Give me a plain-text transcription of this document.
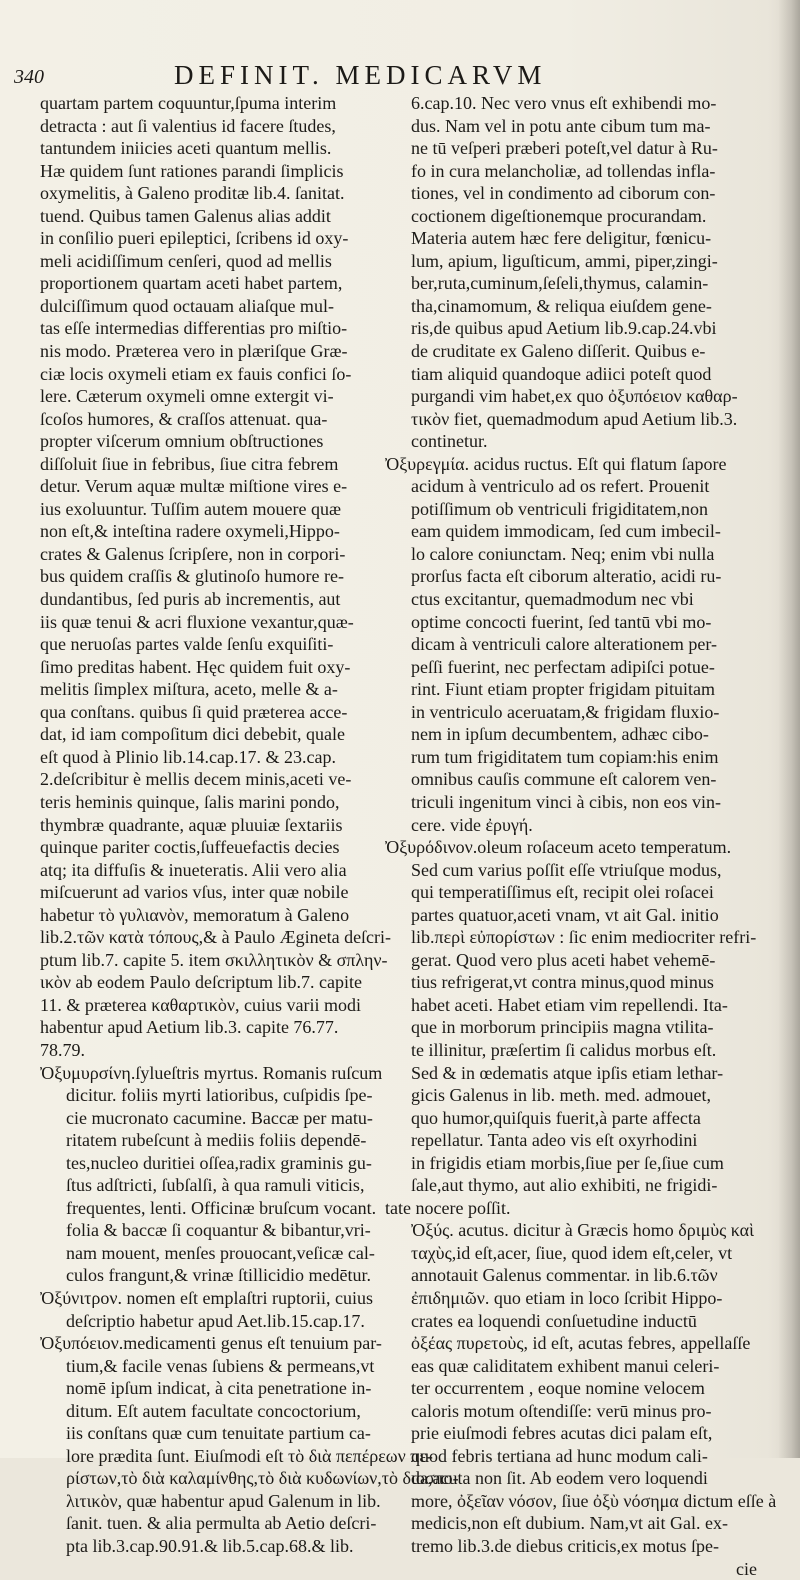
340	DEFINIT. MEDICARVM
quartam partem coquuntur,ſpuma interim
detracta : aut ſi valentius id facere ſtudes,
tantundem iniicies aceti quantum mellis.
Hæ quidem ſunt rationes parandi ſimplicis
oxymelitis, à Galeno proditæ lib.4. ſanitat.
tuend. Quibus tamen Galenus alias addit
in conſilio pueri epileptici, ſcribens id oxy-
meli acidiſſimum cenſeri, quod ad mellis
proportionem quartam aceti habet partem,
dulciſſimum quod octauam aliaſque mul-
tas eſſe intermedias differentias pro miſtio-
nis modo. Præterea vero in plæriſque Græ-
ciæ locis oxymeli etiam ex fauis confici ſo-
lere. Cæterum oxymeli omne extergit vi-
ſcoſos humores, & craſſos attenuat. qua-
propter viſcerum omnium obſtructiones
diſſoluit ſiue in febribus, ſiue citra febrem
detur. Verum aquæ multæ miſtione vires e-
ius exoluuntur. Tuſſim autem mouere quæ
non eſt,& inteſtina radere oxymeli,Hippo-
crates & Galenus ſcripſere, non in corpori-
bus quidem craſſis & glutinoſo humore re-
dundantibus, ſed puris ab incrementis, aut
iis quæ tenui & acri fluxione vexantur,quæ-
que neruoſas partes valde ſenſu exquiſiti-
ſimo preditas habent. Hęc quidem fuit oxy-
melitis ſimplex miſtura, aceto, melle & a-
qua conſtans. quibus ſi quid præterea acce-
dat, id iam compoſitum dici debebit, quale
eſt quod à Plinio lib.14.cap.17. & 23.cap.
2.deſcribitur è mellis decem minis,aceti ve-
teris heminis quinque, ſalis marini pondo,
thymbræ quadrante, aquæ pluuiæ ſextariis
quinque pariter coctis,ſuffeuefactis decies
atq; ita diffuſis & inueteratis. Alii vero alia
miſcuerunt ad varios vſus, inter quæ nobile
habetur τὸ γυλιανὸν, memoratum à Galeno
lib.2.τῶν κατὰ τόπους,& à Paulo Ægineta deſcri-
ptum lib.7. capite 5. item σκιλλητικὸν & σπλην-
ικὸν ab eodem Paulo deſcriptum lib.7. capite
11. & præterea καθαρτικὸν, cuius varii modi
habentur apud Aetium lib.3. capite 76.77.
78.79.
Ὀξυμυρσίνη.ſylueſtris myrtus. Romanis ruſcum
dicitur. foliis myrti latioribus, cuſpidis ſpe-
cie mucronato cacumine. Baccæ per matu-
ritatem rubeſcunt à mediis foliis dependē-
tes,nucleo duritiei oſſea,radix graminis gu-
ſtus adſtricti, ſubſalſi, à qua ramuli viticis,
frequentes, lenti. Officinæ bruſcum vocant.
folia & baccæ ſi coquantur & bibantur,vri-
nam mouent, menſes prouocant,veſicæ cal-
culos frangunt,& vrinæ ſtillicidio medētur.
Ὀξύνιτρον. nomen eſt emplaſtri ruptorii, cuius
deſcriptio habetur apud Aet.lib.15.cap.17.
Ὀξυπόειον.medicamenti genus eſt tenuium par-
tium,& facile venas ſubiens & permeans,vt
nomē ipſum indicat, à cita penetratione in-
ditum. Eſt autem facultate concoctorium,
iis conſtans quæ cum tenuitate partium ca-
lore prædita ſunt. Eiuſmodi eſt τὸ διὰ πεπέρεων πε-
ρίστων,τὸ διὰ καλαμίνθης,τὸ διὰ κυδωνίων,τὸ διοσπο-
λιτικὸν, quæ habentur apud Galenum in lib.
ſanit. tuen. & alia permulta ab Aetio deſcri-
pta lib.3.cap.90.91.& lib.5.cap.68.& lib.
6.cap.10. Nec vero vnus eſt exhibendi mo-
dus. Nam vel in potu ante cibum tum ma-
ne tū veſperi præberi poteſt,vel datur à Ru-
fo in cura melancholiæ, ad tollendas infla-
tiones, vel in condimento ad ciborum con-
coctionem digeſtionemque procurandam.
Materia autem hæc fere deligitur, fœnicu-
lum, apium, liguſticum, ammi, piper,zingi-
ber,ruta,cuminum,ſeſeli,thymus, calamin-
tha,cinamomum, & reliqua eiuſdem gene-
ris,de quibus apud Aetium lib.9.cap.24.vbi
de cruditate ex Galeno diſſerit. Quibus e-
tiam aliquid quandoque adiici poteſt quod
purgandi vim habet,ex quo ὀξυπόειον καθαρ-
τικὸν fiet, quemadmodum apud Aetium lib.3.
continetur.
Ὀξυρεγμία. acidus ructus. Eſt qui flatum ſapore
acidum à ventriculo ad os refert. Prouenit
potiſſimum ob ventriculi frigiditatem,non
eam quidem immodicam, ſed cum imbecil-
lo calore coniunctam. Neq; enim vbi nulla
prorſus facta eſt ciborum alteratio, acidi ru-
ctus excitantur, quemadmodum nec vbi
optime concocti fuerint, ſed tantū vbi mo-
dicam à ventriculi calore alterationem per-
peſſi fuerint, nec perfectam adipiſci potue-
rint. Fiunt etiam propter frigidam pituitam
in ventriculo aceruatam,& frigidam fluxio-
nem in ipſum decumbentem, adhæc cibo-
rum tum frigiditatem tum copiam:his enim
omnibus cauſis commune eſt calorem ven-
triculi ingenitum vinci à cibis, non eos vin-
cere. vide ἐρυγή.
Ὀξυρόδινον.oleum roſaceum aceto temperatum.
Sed cum varius poſſit eſſe vtriuſque modus,
qui temperatiſſimus eſt, recipit olei roſacei
partes quatuor,aceti vnam, vt ait Gal. initio
lib.περὶ εὐπορίστων : ſic enim mediocriter refri-
gerat. Quod vero plus aceti habet vehemē-
tius refrigerat,vt contra minus,quod minus
habet aceti. Habet etiam vim repellendi. Ita-
que in morborum principiis magna vtilita-
te illinitur, præſertim ſi calidus morbus eſt.
Sed & in œdematis atque ipſis etiam lethar-
gicis Galenus in lib. meth. med. admouet,
quo humor,quiſquis fuerit,à parte affecta
repellatur. Tanta adeo vis eſt oxyrhodini
in frigidis etiam morbis,ſiue per ſe,ſiue cum
ſale,aut thymo, aut alio exhibiti, ne frigidi-
tate nocere poſſit.
Ὀξύς. acutus. dicitur à Græcis homo δριμὺς καὶ
ταχὺς,id eſt,acer, ſiue, quod idem eſt,celer, vt
annotauit Galenus commentar. in lib.6.τῶν
ἐπιδημιῶν. quo etiam in loco ſcribit Hippo-
crates ea loquendi conſuetudine inductū
ὀξέας πυρετοὺς, id eſt, acutas febres, appellaſſe
eas quæ caliditatem exhibent manui celeri-
ter occurrentem , eoque nomine velocem
caloris motum oſtendiſſe: verū minus pro-
prie eiuſmodi febres acutas dici palam eſt,
quod febris tertiana ad hunc modum cali-
da,acuta non ſit. Ab eodem vero loquendi
more, ὀξεῖαν νόσον, ſiue ὀξὺ νόσημα dictum eſſe à
medicis,non eſt dubium. Nam,vt ait Gal. ex-
tremo lib.3.de diebus criticis,ex motus ſpe-
cie
